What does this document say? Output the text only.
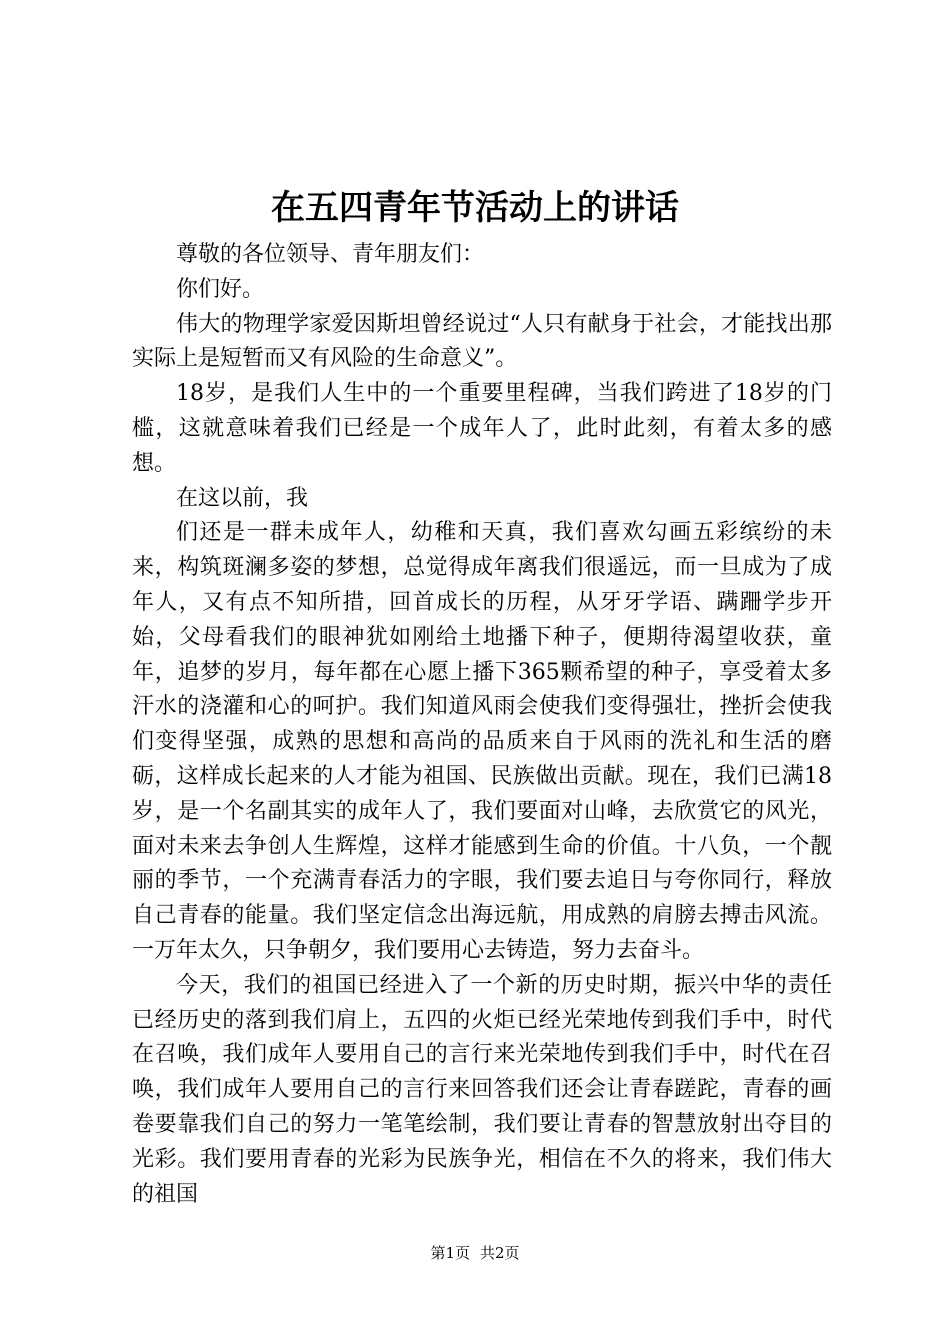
在五四青年节活动上的讲话

尊敬的各位领导、青年朋友们：

你们好。

伟大的物理学家爱因斯坦曾经说过“人只有献身于社会，才能找出那实际上是短暂而又有风险的生命意义”。

18岁，是我们人生中的一个重要里程碑，当我们跨进了18岁的门槛，这就意味着我们已经是一个成年人了，此时此刻，有着太多的感想。

在这以前，我

们还是一群未成年人，幼稚和天真，我们喜欢勾画五彩缤纷的未来，构筑斑澜多姿的梦想，总觉得成年离我们很遥远，而一旦成为了成年人，又有点不知所措，回首成长的历程，从牙牙学语、蹒跚学步开始，父母看我们的眼神犹如刚给土地播下种子，便期待渴望收获，童年，追梦的岁月，每年都在心愿上播下365颗希望的种子，享受着太多汗水的浇灌和心的呵护。我们知道风雨会使我们变得强壮，挫折会使我们变得坚强，成熟的思想和高尚的品质来自于风雨的洗礼和生活的磨砺，这样成长起来的人才能为祖国、民族做出贡献。现在，我们已满18岁，是一个名副其实的成年人了，我们要面对山峰，去欣赏它的风光，面对未来去争创人生辉煌，这样才能感到生命的价值。十八负，一个靓丽的季节，一个充满青春活力的字眼，我们要去追日与夸你同行，释放自己青春的能量。我们坚定信念出海远航，用成熟的肩膀去搏击风流。一万年太久，只争朝夕，我们要用心去铸造，努力去奋斗。

今天，我们的祖国已经进入了一个新的历史时期，振兴中华的责任已经历史的落到我们肩上，五四的火炬已经光荣地传到我们手中，时代在召唤，我们成年人要用自己的言行来光荣地传到我们手中，时代在召唤，我们成年人要用自己的言行来回答我们还会让青春蹉跎，青春的画卷要靠我们自己的努力一笔笔绘制，我们要让青春的智慧放射出夺目的光彩。我们要用青春的光彩为民族争光，相信在不久的将来，我们伟大的祖国

第1页 共2页
